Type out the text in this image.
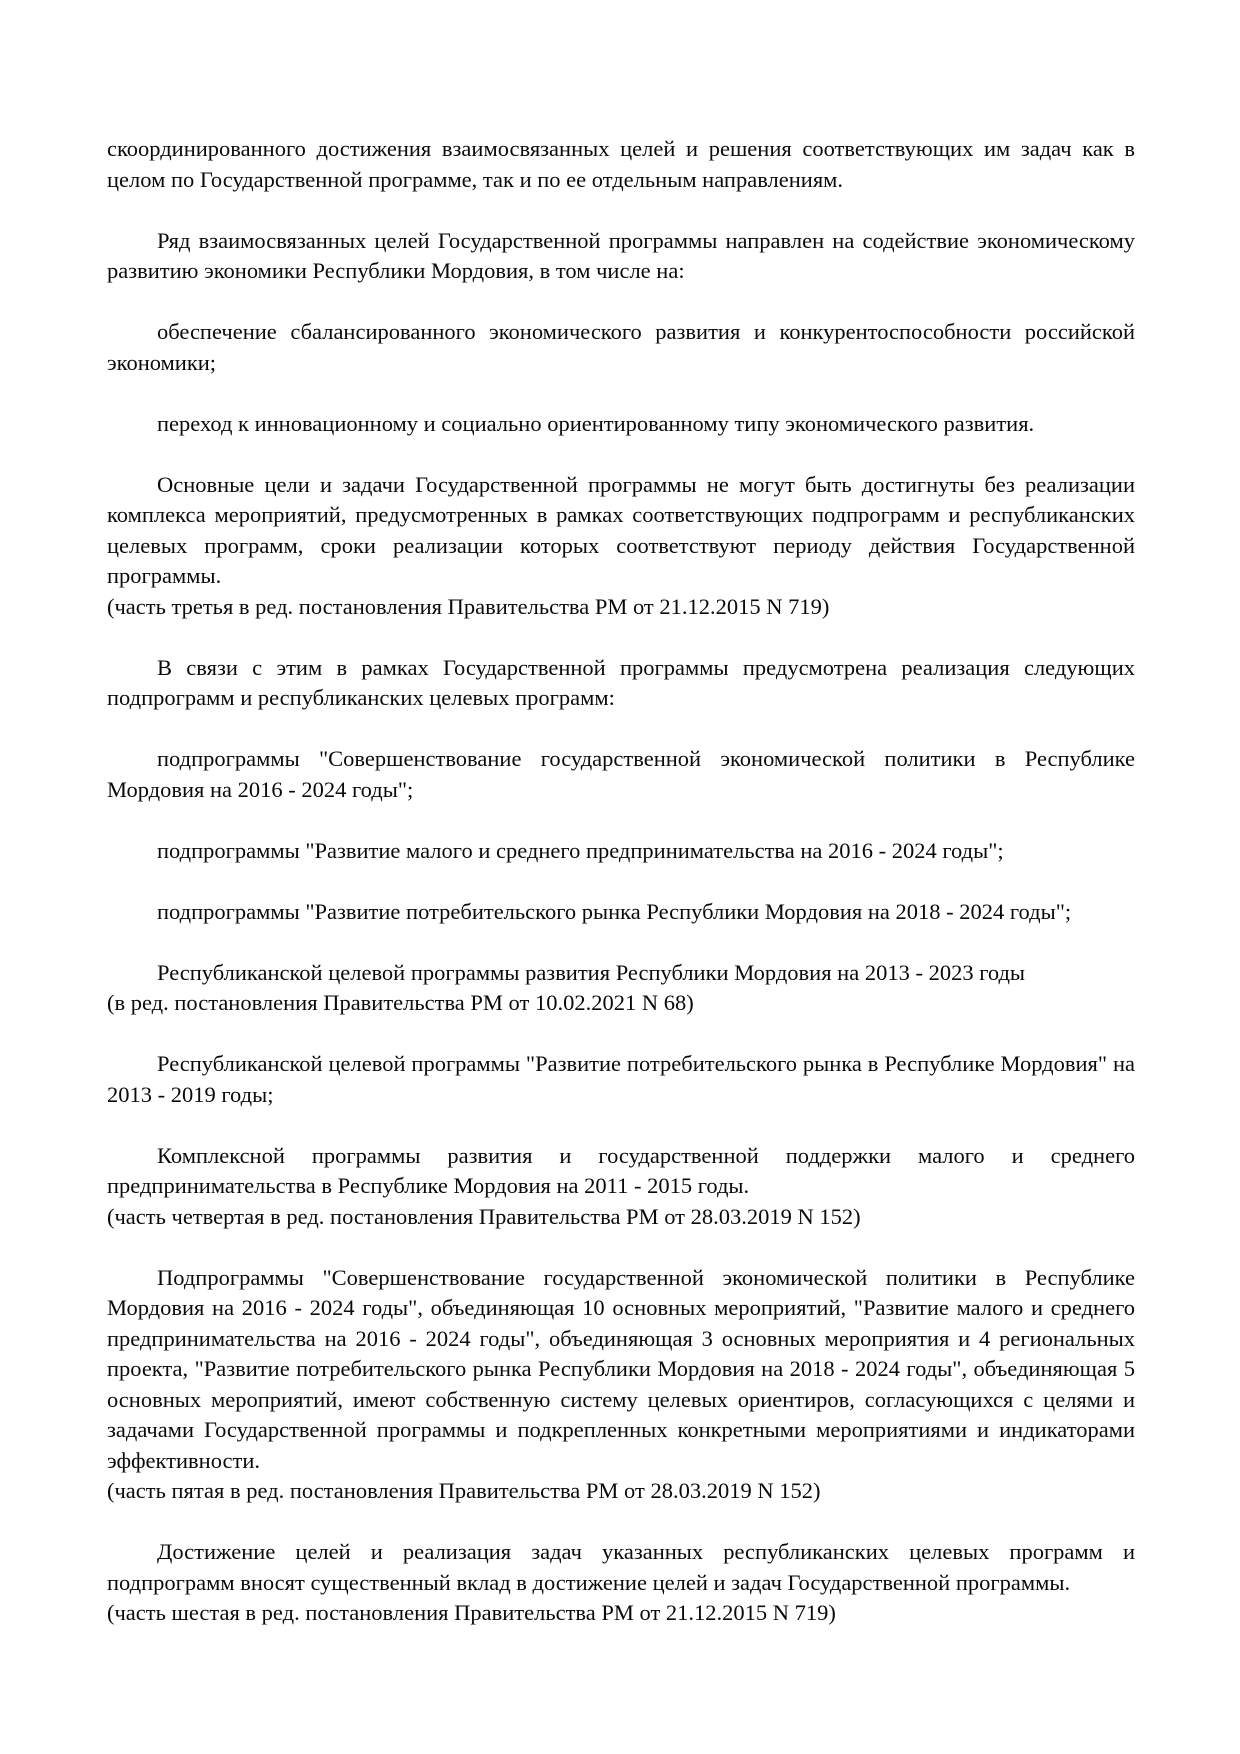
скоординированного достижения взаимосвязанных целей и решения соответствующих им задач как в целом по Государственной программе, так и по ее отдельным направлениям.

Ряд взаимосвязанных целей Государственной программы направлен на содействие экономическому развитию экономики Республики Мордовия, в том числе на:

обеспечение сбалансированного экономического развития и конкурентоспособности российской экономики;

переход к инновационному и социально ориентированному типу экономического развития.

Основные цели и задачи Государственной программы не могут быть достигнуты без реализации комплекса мероприятий, предусмотренных в рамках соответствующих подпрограмм и республиканских целевых программ, сроки реализации которых соответствуют периоду действия Государственной программы.

(часть третья в ред. постановления Правительства РМ от 21.12.2015 N 719)

В связи с этим в рамках Государственной программы предусмотрена реализация следующих подпрограмм и республиканских целевых программ:

подпрограммы "Совершенствование государственной экономической политики в Республике Мордовия на 2016 - 2024 годы";

подпрограммы "Развитие малого и среднего предпринимательства на 2016 - 2024 годы";

подпрограммы "Развитие потребительского рынка Республики Мордовия на 2018 - 2024 годы";

Республиканской целевой программы развития Республики Мордовия на 2013 - 2023 годы

(в ред. постановления Правительства РМ от 10.02.2021 N 68)

Республиканской целевой программы "Развитие потребительского рынка в Республике Мордовия" на 2013 - 2019 годы;

Комплексной программы развития и государственной поддержки малого и среднего предпринимательства в Республике Мордовия на 2011 - 2015 годы.

(часть четвертая в ред. постановления Правительства РМ от 28.03.2019 N 152)

Подпрограммы "Совершенствование государственной экономической политики в Республике Мордовия на 2016 - 2024 годы", объединяющая 10 основных мероприятий, "Развитие малого и среднего предпринимательства на 2016 - 2024 годы", объединяющая 3 основных мероприятия и 4 региональных проекта, "Развитие потребительского рынка Республики Мордовия на 2018 - 2024 годы", объединяющая 5 основных мероприятий, имеют собственную систему целевых ориентиров, согласующихся с целями и задачами Государственной программы и подкрепленных конкретными мероприятиями и индикаторами эффективности.

(часть пятая в ред. постановления Правительства РМ от 28.03.2019 N 152)

Достижение целей и реализация задач указанных республиканских целевых программ и подпрограмм вносят существенный вклад в достижение целей и задач Государственной программы.

(часть шестая в ред. постановления Правительства РМ от 21.12.2015 N 719)
